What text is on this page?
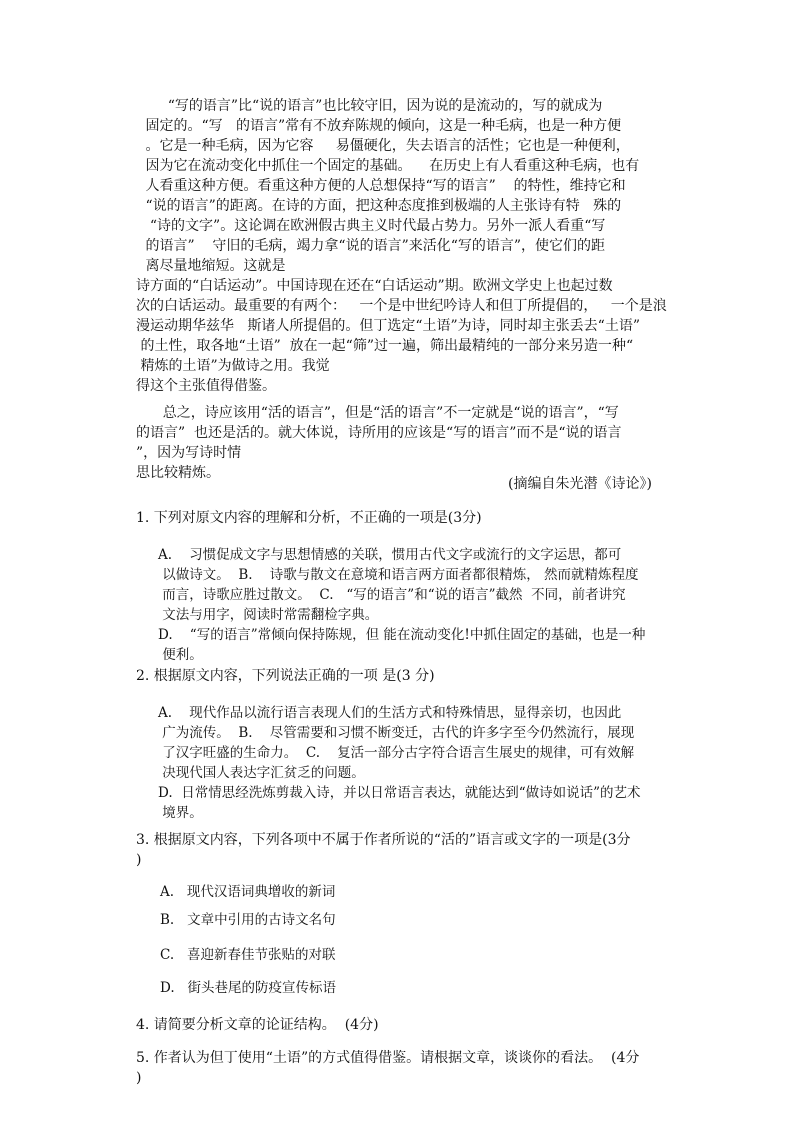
“写的语言”比“说的语言”也比较守旧，因为说的是流动的，写的就成为
固定的。“写   的语言”常有不放弃陈规的倾向，这是一种毛病，也是一种方便
。它是一种毛病，因为它容     易僵硬化，失去语言的活性；它也是一种便利，
因为它在流动变化中抓住一个固定的基础。    在历史上有人看重这种毛病，也有
人看重这种方便。看重这种方便的人总想保持“写的语言”    的特性，维持它和
“说的语言”的距离。在诗的方面，把这种态度推到极端的人主张诗有特   殊的
“诗的文字”。这论调在欧洲假古典主义时代最占势力。另外一派人看重“写
的语言”    守旧的毛病，竭力拿“说的语言”来活化“写的语言”，使它们的距
离尽量地缩短。这就是
诗方面的“白话运动”。中国诗现在还在“白话运动”期。欧洲文学史上也起过数
次的白话运动。最重要的有两个：   一个是中世纪吟诗人和但丁所提倡的，   一个是浪
漫运动期华兹华   斯诸人所提倡的。但丁选定“土语”为诗，同时却主张丢去“土语”
的土性，取各地“土语”  放在一起“筛”过一遍，筛出最精纯的一部分来另造一种“
精炼的土语”为做诗之用。我觉
得这个主张值得借鉴。
总之，诗应该用“活的语言”，但是“活的语言”不一定就是“说的语言”，“写
的语言”  也还是活的。就大体说，诗所用的应该是“写的语言”而不是“说的语言
”，因为写诗时情
思比较精炼。
(摘编自朱光潜《诗论》)
1. 下列对原文内容的理解和分析，不正确的一项是(3分)
A.    习惯促成文字与思想情感的关联，惯用古代文字或流行的文字运思，都可
以做诗文。  B.    诗歌与散文在意境和语言两方面者都很精炼， 然而就精炼程度
而言，诗歌应胜过散文。  C.   “写的语言”和“说的语言”截然  不同，前者讲究
文法与用字，阅读时常需翻检字典。
D.    “写的语言”常倾向保持陈规，但 能在流动变化!中抓住固定的基础，也是一种
便利。
2. 根据原文内容，下列说法正确的一项 是(3 分)
A.    现代作品以流行语言表现人们的生活方式和特殊情思，显得亲切，也因此
广为流传。  B.    尽管需要和习惯不断变迁，古代的许多字至今仍然流行，展现
了汉字旺盛的生命力。  C.    复活一部分古字符合语言生展史的规律，可有效解
决现代国人表达字汇贫乏的问题。
D.  日常情思经洗炼剪裁入诗，并以日常语言表达，就能达到“做诗如说话”的艺术
境界。
3. 根据原文内容，下列各项中不属于作者所说的“活的”语言或文字的一项是(3分
)
A.   现代汉语词典增收的新词
B.   文章中引用的古诗文名句
C.   喜迎新春佳节张贴的对联
D.   街头巷尾的防疫宣传标语
4. 请简要分析文章的论证结构。  (4分)
5. 作者认为但丁使用“土语”的方式值得借鉴。请根据文章，谈谈你的看法。  (4分
)
